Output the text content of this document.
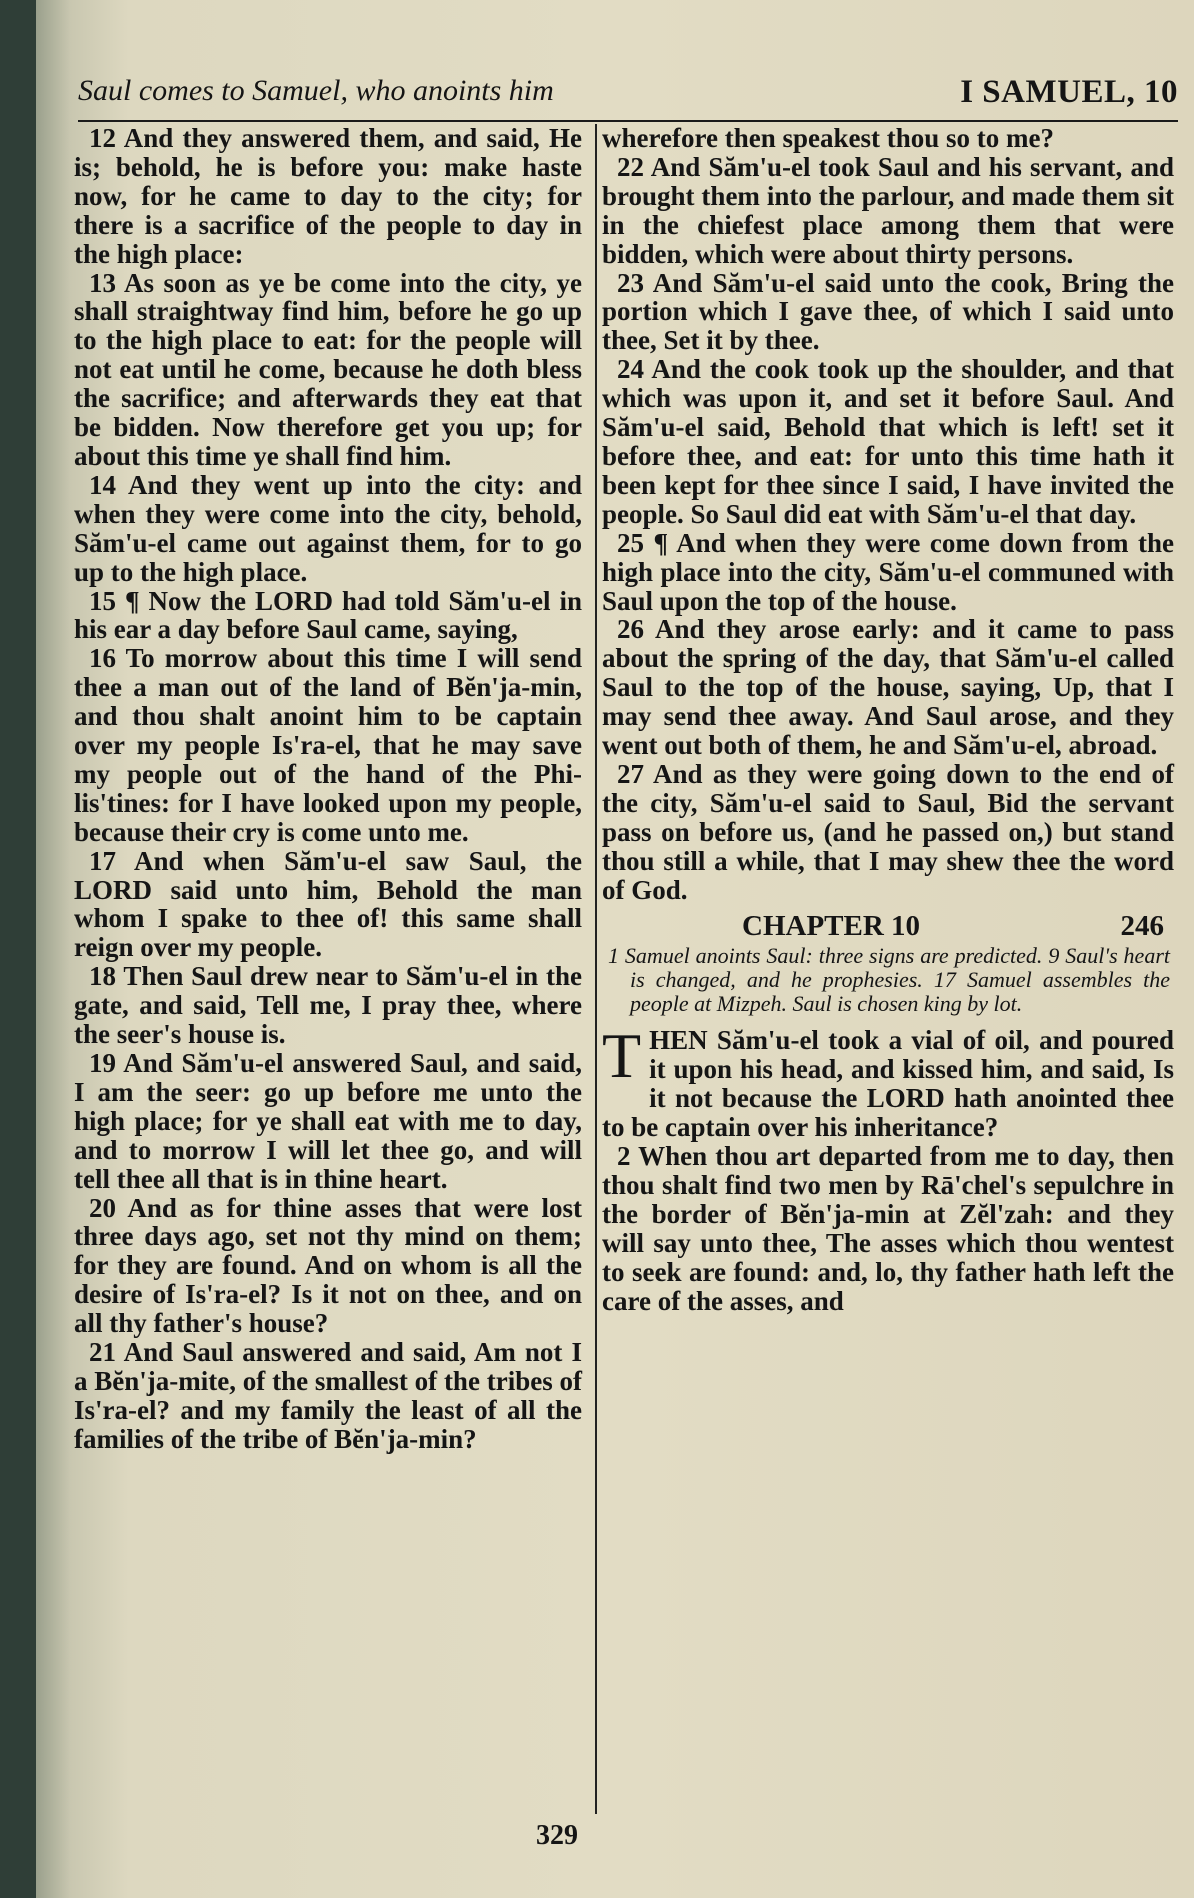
Saul comes to Samuel, who anoints him	I SAMUEL, 10

12 And they answered them, and said, He is; behold, he is before you: make haste now, for he came to day to the city; for there is a sacrifice of the people to day in the high place:

13 As soon as ye be come into the city, ye shall straightway find him, before he go up to the high place to eat: for the people will not eat until he come, because he doth bless the sacrifice; and afterwards they eat that be bidden. Now therefore get you up; for about this time ye shall find him.

14 And they went up into the city: and when they were come into the city, behold, Săm'u-el came out against them, for to go up to the high place.

15 ¶ Now the LORD had told Săm'u-el in his ear a day before Saul came, saying,

16 To morrow about this time I will send thee a man out of the land of Bĕn'ja-min, and thou shalt anoint him to be captain over my people Is'ra-el, that he may save my people out of the hand of the Phi-lis'tines: for I have looked upon my people, because their cry is come unto me.

17 And when Săm'u-el saw Saul, the LORD said unto him, Behold the man whom I spake to thee of! this same shall reign over my people.

18 Then Saul drew near to Săm'u-el in the gate, and said, Tell me, I pray thee, where the seer's house is.

19 And Săm'u-el answered Saul, and said, I am the seer: go up before me unto the high place; for ye shall eat with me to day, and to morrow I will let thee go, and will tell thee all that is in thine heart.

20 And as for thine asses that were lost three days ago, set not thy mind on them; for they are found. And on whom is all the desire of Is'ra-el? Is it not on thee, and on all thy father's house?

21 And Saul answered and said, Am not I a Bĕn'ja-mite, of the smallest of the tribes of Is'ra-el? and my family the least of all the families of the tribe of Bĕn'ja-min?

wherefore then speakest thou so to me?

22 And Săm'u-el took Saul and his servant, and brought them into the parlour, and made them sit in the chiefest place among them that were bidden, which were about thirty persons.

23 And Săm'u-el said unto the cook, Bring the portion which I gave thee, of which I said unto thee, Set it by thee.

24 And the cook took up the shoulder, and that which was upon it, and set it before Saul. And Săm'u-el said, Behold that which is left! set it before thee, and eat: for unto this time hath it been kept for thee since I said, I have invited the people. So Saul did eat with Săm'u-el that day.

25 ¶ And when they were come down from the high place into the city, Săm'u-el communed with Saul upon the top of the house.

26 And they arose early: and it came to pass about the spring of the day, that Săm'u-el called Saul to the top of the house, saying, Up, that I may send thee away. And Saul arose, and they went out both of them, he and Săm'u-el, abroad.

27 And as they were going down to the end of the city, Săm'u-el said to Saul, Bid the servant pass on before us, (and he passed on,) but stand thou still a while, that I may shew thee the word of God.

CHAPTER 10	246

1 Samuel anoints Saul: three signs are predicted. 9 Saul's heart is changed, and he prophesies. 17 Samuel assembles the people at Mizpeh. Saul is chosen king by lot.

T HEN Săm'u-el took a vial of oil, and poured it upon his head, and kissed him, and said, Is it not because the LORD hath anointed thee to be captain over his inheritance?

2 When thou art departed from me to day, then thou shalt find two men by Rā'chel's sepulchre in the border of Bĕn'ja-min at Zĕl'zah: and they will say unto thee, The asses which thou wentest to seek are found: and, lo, thy father hath left the care of the asses, and

329
